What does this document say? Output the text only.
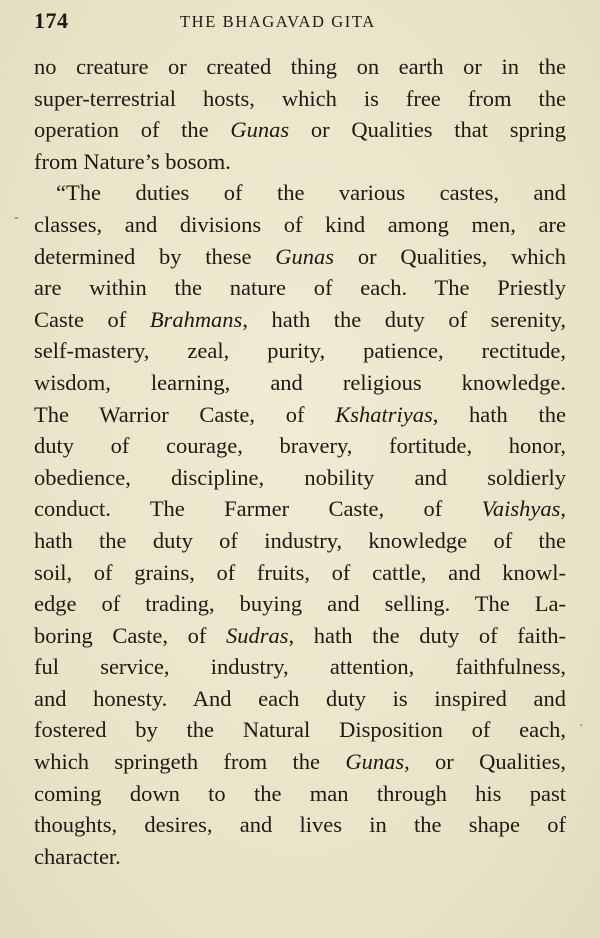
174	THE BHAGAVAD GITA
no creature or created thing on earth or in the
super-terrestrial hosts, which is free from the
operation of the Gunas or Qualities that spring
from Nature’s bosom.
“The duties of the various castes, and
classes, and divisions of kind among men, are
determined by these Gunas or Qualities, which
are within the nature of each. The Priestly
Caste of Brahmans, hath the duty of serenity,
self-mastery, zeal, purity, patience, rectitude,
wisdom, learning, and religious knowledge.
The Warrior Caste, of Kshatriyas, hath the
duty of courage, bravery, fortitude, honor,
obedience, discipline, nobility and soldierly
conduct. The Farmer Caste, of Vaishyas,
hath the duty of industry, knowledge of the
soil, of grains, of fruits, of cattle, and knowl-
edge of trading, buying and selling. The La-
boring Caste, of Sudras, hath the duty of faith-
ful service, industry, attention, faithfulness,
and honesty. And each duty is inspired and
fostered by the Natural Disposition of each,
which springeth from the Gunas, or Qualities,
coming down to the man through his past
thoughts, desires, and lives in the shape of
character.
-
·
